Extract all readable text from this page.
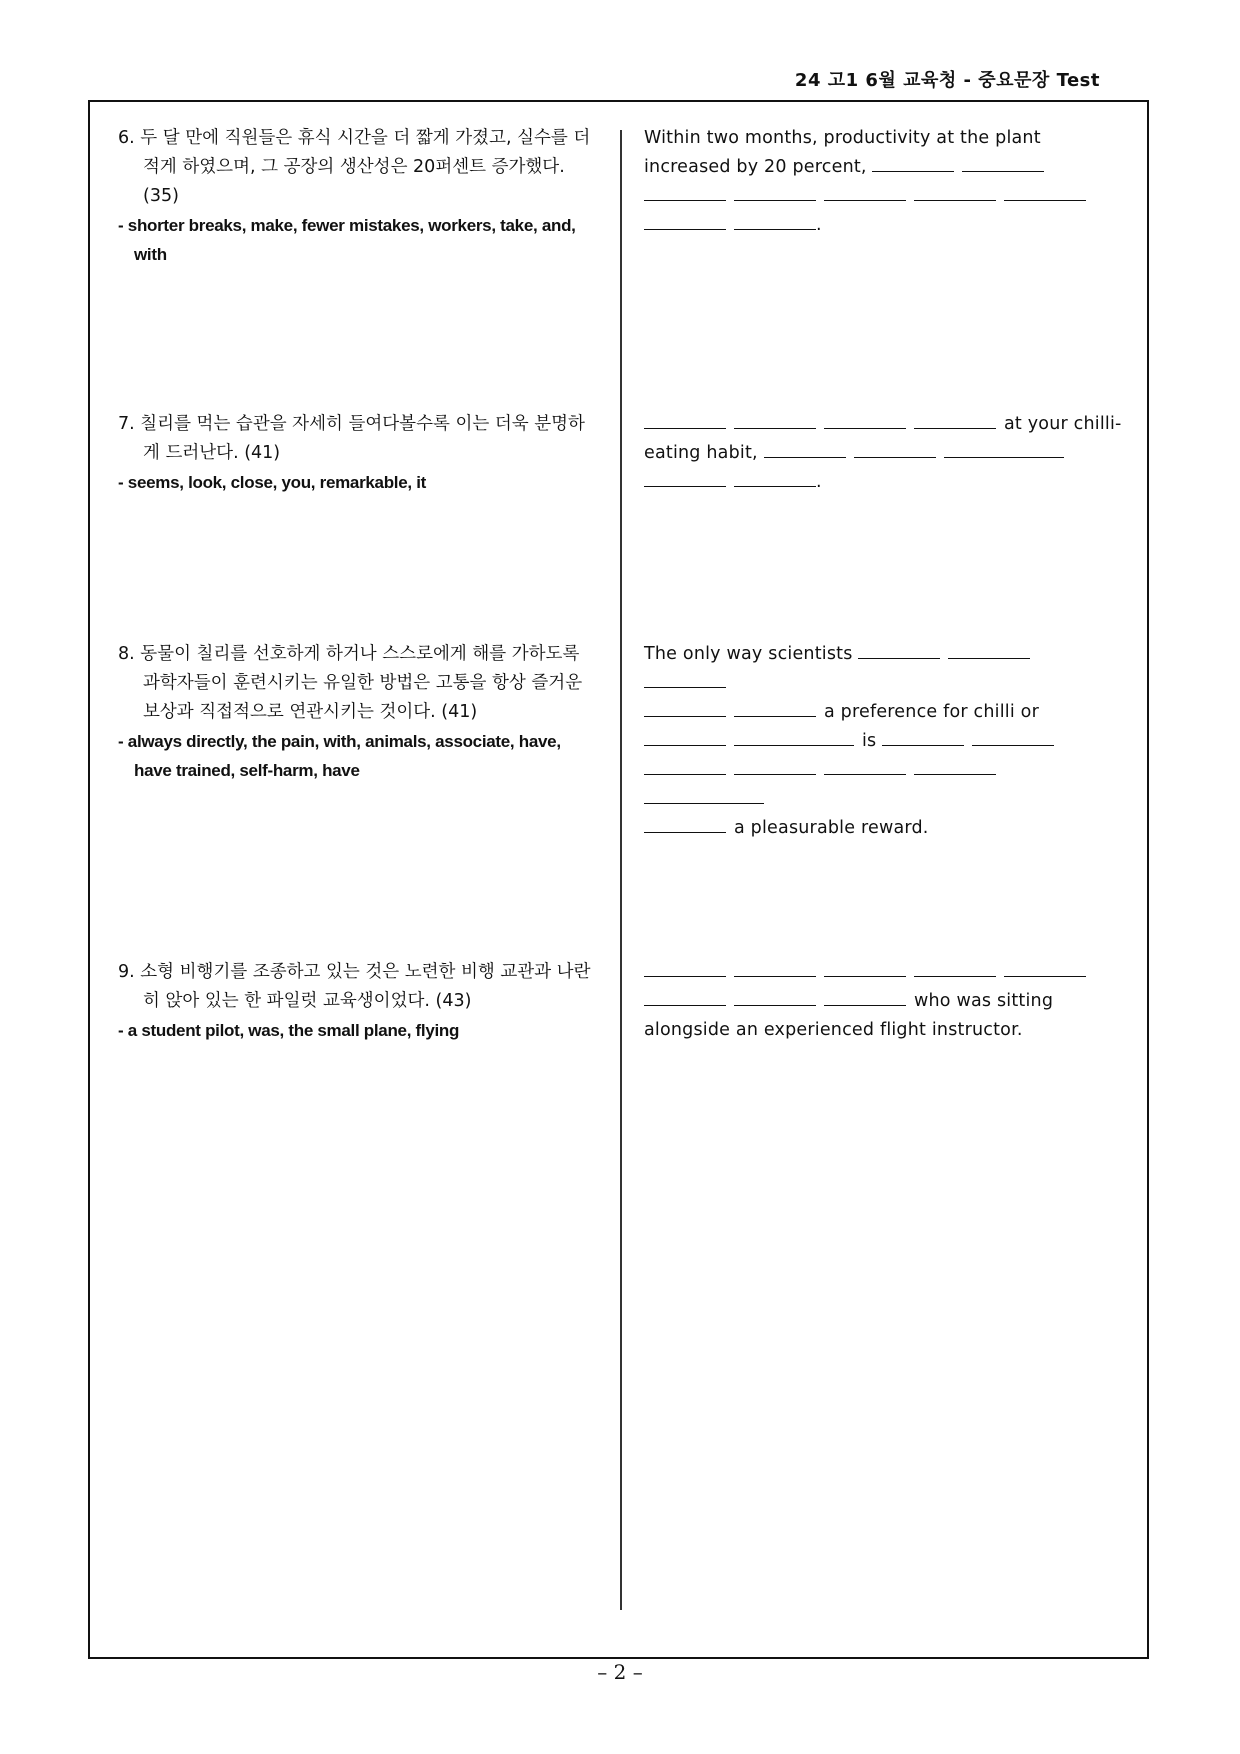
24 고1 6월 교육청 - 중요문장 Test
6. 두 달 만에 직원들은 휴식 시간을 더 짧게 가졌고, 실수를 더 적게 하였으며, 그 공장의 생산성은 20퍼센트 증가했다. (35)
- shorter breaks, make, fewer mistakes, workers, take, and, with
Within two months, productivity at the plant increased by 20 percent,

.
7. 칠리를 먹는 습관을 자세히 들여다볼수록 이는 더욱 분명하게 드러난다. (41)
- seems, look, close, you, remarkable, it
at your chilli-eating habit,
.
8. 동물이 칠리를 선호하게 하거나 스스로에게 해를 가하도록 과학자들이 훈련시키는 유일한 방법은 고통을 항상 즐거운 보상과 직접적으로 연관시키는 것이다. (41)
- always directly, the pain, with, animals, associate, have, have trained, self-harm, have
The only way scientists
a preference for chilli or
is

a pleasurable reward.
9. 소형 비행기를 조종하고 있는 것은 노련한 비행 교관과 나란히 앉아 있는 한 파일럿 교육생이었다. (43)
- a student pilot, was, the small plane, flying

who was sitting alongside an experienced flight instructor.
– 2 –
